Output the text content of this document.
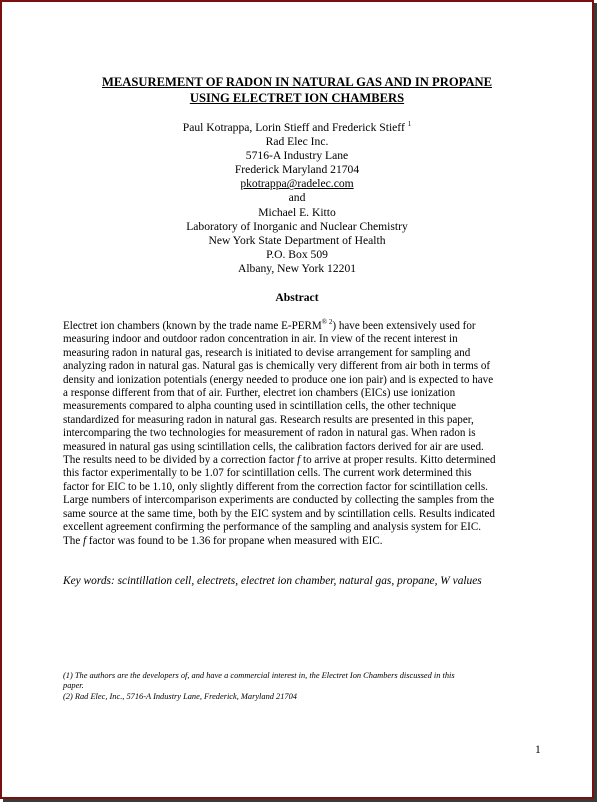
MEASUREMENT OF RADON IN NATURAL GAS AND IN PROPANE
USING ELECTRET ION CHAMBERS
Paul Kotrappa, Lorin Stieff and Frederick Stieff $^1$
Rad Elec Inc.
5716-A Industry Lane
Frederick Maryland 21704
pkotrappa@radelec.com
and
Michael E. Kitto
Laboratory of Inorganic and Nuclear Chemistry
New York State Department of Health
P.O. Box 509
Albany, New York 12201
Abstract
Electret ion chambers (known by the trade name $E-PERM^{® 2}$) have been extensively used for
measuring indoor and outdoor radon concentration in air. In view of the recent interest in
measuring radon in natural gas, research is initiated to devise arrangement for sampling and
analyzing radon in natural gas. Natural gas is chemically very different from air both in terms of
density and ionization potentials (energy needed to produce one ion pair) and is expected to have
a response different from that of air. Further, electret ion chambers (EICs) use ionization
measurements compared to alpha counting used in scintillation cells, the other technique
standardized for measuring radon in natural gas. Research results are presented in this paper,
intercomparing the two technologies for measurement of radon in natural gas. When radon is
measured in natural gas using scintillation cells, the calibration factors derived for air are used.
The results need to be divided by a correction factor f to arrive at proper results. Kitto determined
this factor experimentally to be 1.07 for scintillation cells. The current work determined this
factor for EIC to be 1.10, only slightly different from the correction factor for scintillation cells.
Large numbers of intercomparison experiments are conducted by collecting the samples from the
same source at the same time, both by the EIC system and by scintillation cells. Results indicated
excellent agreement confirming the performance of the sampling and analysis system for EIC.
The f factor was found to be 1.36 for propane when measured with EIC.

Key words: scintillation cell, electrets, electret ion chamber, natural gas, propane, W values

(1) The authors are the developers of, and have a commercial interest in, the Electret Ion Chambers discussed in this
paper.
(2) Rad Elec, Inc., 5716-A Industry Lane, Frederick, Maryland 21704
1
